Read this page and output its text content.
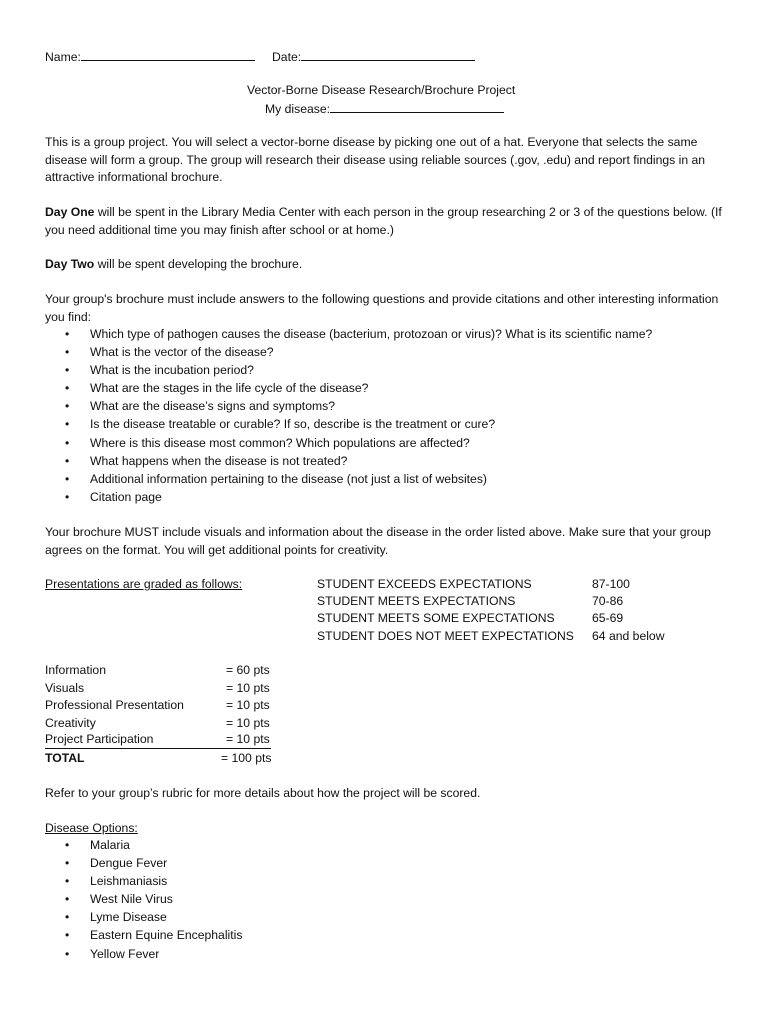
Name:	Date:
Vector-Borne Disease Research/Brochure Project
My disease:
This is a group project. You will select a vector-borne disease by picking one out of a hat. Everyone that selects the same disease will form a group. The group will research their disease using reliable sources (.gov, .edu) and report findings in an attractive informational brochure.
Day One will be spent in the Library Media Center with each person in the group researching 2 or 3 of the questions below. (If you need additional time you may finish after school or at home.)
Day Two will be spent developing the brochure.
Your group's brochure must include answers to the following questions and provide citations and other interesting information you find:
• Which type of pathogen causes the disease (bacterium, protozoan or virus)? What is its scientific name?
• What is the vector of the disease?
• What is the incubation period?
• What are the stages in the life cycle of the disease?
• What are the disease’s signs and symptoms?
• Is the disease treatable or curable? If so, describe is the treatment or cure?
• Where is this disease most common? Which populations are affected?
• What happens when the disease is not treated?
• Additional information pertaining to the disease (not just a list of websites)
• Citation page
Your brochure MUST include visuals and information about the disease in the order listed above. Make sure that your group agrees on the format. You will get additional points for creativity.
Presentations are graded as follows:	STUDENT EXCEEDS EXPECTATIONS	87-100
STUDENT MEETS EXPECTATIONS	70-86
STUDENT MEETS SOME EXPECTATIONS	65-69
STUDENT DOES NOT MEET EXPECTATIONS 64 and below
Information	= 60 pts
Visuals	= 10 pts
Professional Presentation	= 10 pts
Creativity	= 10 pts
Project Participation	= 10 pts
TOTAL	= 100 pts
Refer to your group’s rubric for more details about how the project will be scored.
Disease Options:
• Malaria
• Dengue Fever
• Leishmaniasis
• West Nile Virus
• Lyme Disease
• Eastern Equine Encephalitis
• Yellow Fever
